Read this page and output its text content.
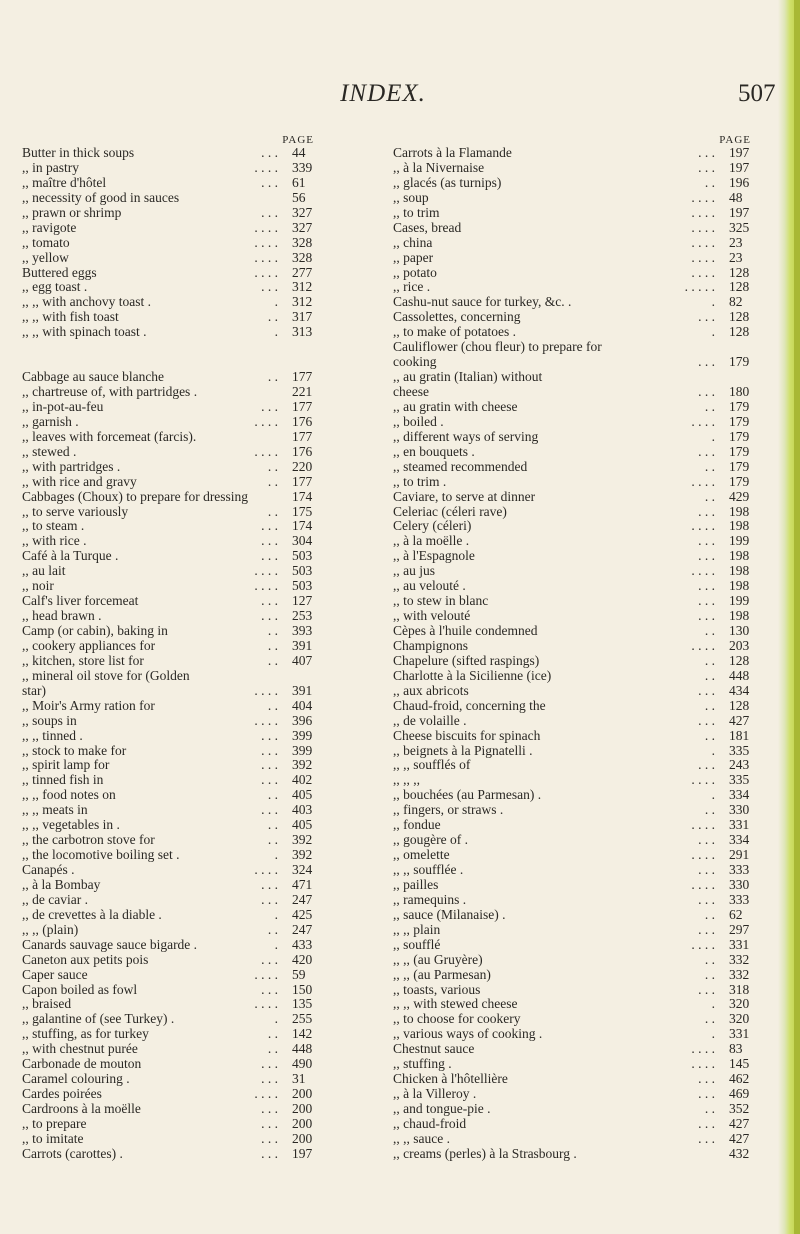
INDEX.	507
PAGE
Butter in thick soups	. . . 44
,, in pastry	. . . . 339
,, maître d'hôtel	. . . 61
,, necessity of good in sauces	56
,, prawn or shrimp	. . . 327
,, ravigote	. . . . 327
,, tomato	. . . . 328
,, yellow	. . . . 328
Buttered eggs	. . . . 277
,, egg toast .	. . . 312
,, ,, with anchovy toast .	. 312
,, ,, with fish toast	. . 317
,, ,, with spinach toast .	. 313
Cabbage au sauce blanche	. . 177
,, chartreuse of, with partridges .	221
,, in-pot-au-feu	. . . 177
,, garnish .	. . . . 176
,, leaves with forcemeat (farcis).	177
,, stewed .	. . . . 176
,, with partridges .	. . 220
,, with rice and gravy	. . 177
Cabbages (Choux) to prepare for dressing	174
,, to serve variously	. . 175
,, to steam .	. . . 174
,, with rice .	. . . 304
Café à la Turque .	. . . 503
,, au lait	. . . . 503
,, noir	. . . . 503
Calf's liver forcemeat	. . . 127
,, head brawn .	. . . 253
Camp (or cabin), baking in	. . 393
,, cookery appliances for	. . 391
,, kitchen, store list for	. . 407
,, mineral oil stove for (Golden
star)	. . . . 391
,, Moir's Army ration for	. . 404
,, soups in	. . . . 396
,, ,, tinned .	. . . 399
,, stock to make for	. . . 399
,, spirit lamp for	. . . 392
,, tinned fish in	. . . 402
,, ,, food notes on	. . 405
,, ,, meats in	. . . 403
,, ,, vegetables in .	. . 405
,, the carbotron stove for	. . 392
,, the locomotive boiling set .	. 392
Canapés .	. . . . 324
,, à la Bombay	. . . 471
,, de caviar .	. . . 247
,, de crevettes à la diable .	. 425
,, ,, (plain)	. . 247
Canards sauvage sauce bigarde .	. 433
Caneton aux petits pois	. . . 420
Caper sauce	. . . . 59
Capon boiled as fowl	. . . 150
,, braised	. . . . 135
,, galantine of (see Turkey) .	. 255
,, stuffing, as for turkey	. . 142
,, with chestnut purée	. . 448
Carbonade de mouton	. . . 490
Caramel colouring .	. . . 31
Cardes poirées	. . . . 200
Cardroons à la moëlle	. . . 200
,, to prepare	. . . 200
,, to imitate	. . . 200
Carrots (carottes) .	. . . 197
PAGE
Carrots à la Flamande	. . . 197
,, à la Nivernaise	. . . 197
,, glacés (as turnips)	. . 196
,, soup	. . . . 48
,, to trim	. . . . 197
Cases, bread	. . . . 325
,, china	. . . . 23
,, paper	. . . . 23
,, potato	. . . . 128
,, rice .	. . . . . 128
Cashu-nut sauce for turkey, &c. .	. 82
Cassolettes, concerning	. . . 128
,, to make of potatoes .	. 128
Cauliflower (chou fleur) to prepare for
cooking	. . . 179
,, au gratin (Italian) without
cheese	. . . 180
,, au gratin with cheese	. . 179
,, boiled .	. . . . 179
,, different ways of serving	. 179
,, en bouquets .	. . . 179
,, steamed recommended	. . 179
,, to trim .	. . . . 179
Caviare, to serve at dinner	. . 429
Celeriac (céleri rave)	. . . 198
Celery (céleri)	. . . . 198
,, à la moëlle .	. . . 199
,, à l'Espagnole	. . . 198
,, au jus	. . . . 198
,, au velouté .	. . . 198
,, to stew in blanc	. . . 199
,, with velouté	. . . 198
Cèpes à l'huile condemned	. . 130
Champignons	. . . . 203
Chapelure (sifted raspings)	. . 128
Charlotte à la Sicilienne (ice)	. . 448
,, aux abricots	. . . 434
Chaud-froid, concerning the	. . 128
,, de volaille .	. . . 427
Cheese biscuits for spinach	. . 181
,, beignets à la Pignatelli .	. 335
,, ,, soufflés of	. . . 243
,, ,, ,,	. . . . 335
,, bouchées (au Parmesan) .	. 334
,, fingers, or straws .	. . 330
,, fondue	. . . . 331
,, gougère of .	. . . 334
,, omelette	. . . . 291
,, ,, soufflée .	. . . 333
,, pailles	. . . . 330
,, ramequins .	. . . 333
,, sauce (Milanaise) .	. . 62
,, ,, plain	. . . 297
,, soufflé	. . . . 331
,, ,, (au Gruyère)	. . 332
,, ,, (au Parmesan)	. . 332
,, toasts, various	. . . 318
,, ,, with stewed cheese	. 320
,, to choose for cookery	. . 320
,, various ways of cooking .	. 331
Chestnut sauce	. . . . 83
,, stuffing .	. . . . 145
Chicken à l'hôtellière	. . . 462
,, à la Villeroy .	. . . 469
,, and tongue-pie .	. . 352
,, chaud-froid	. . . 427
,, ,, sauce .	. . . 427
,, creams (perles) à la Strasbourg .	432
